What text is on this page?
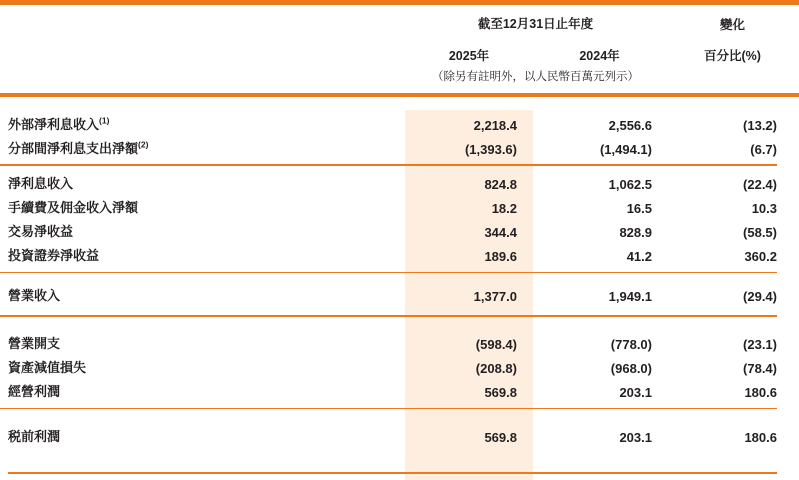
	截至12月31日止年度		變化
	2025年	2024年	百分比(%)
	（除另有註明外，以人民幣百萬元列示）		

外部淨利息收入$^{(1)}$	2,218.4	2,556.6	(13.2)
分部間淨利息支出淨額$^{(2)}$	(1,393.6)	(1,494.1)	(6.7)

淨利息收入	824.8	1,062.5	(22.4)
手續費及佣金收入淨額	18.2	16.5	10.3
交易淨收益	344.4	828.9	(58.5)
投資證券淨收益	189.6	41.2	360.2

營業收入	1,377.0	1,949.1	(29.4)

營業開支	(598.4)	(778.0)	(23.1)
資產減值損失	(208.8)	(968.0)	(78.4)
經營利潤	569.8	203.1	180.6

税前利潤	569.8	203.1	180.6
